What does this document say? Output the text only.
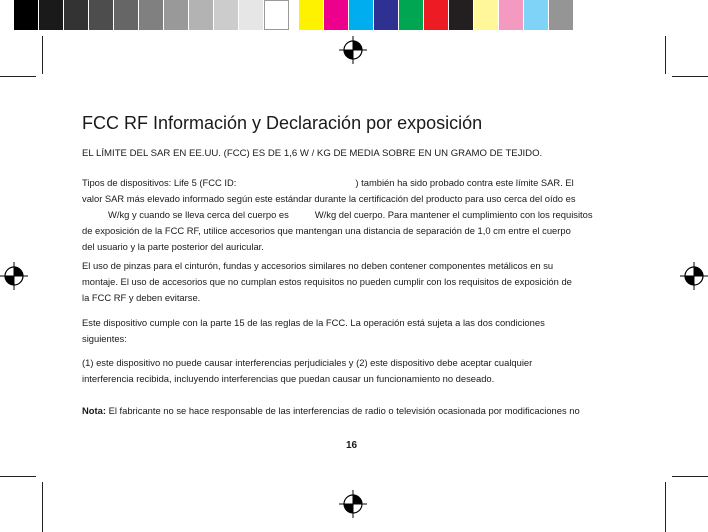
FCC RF Información y Declaración por exposición
EL LÍMITE DEL SAR EN EE.UU. (FCC) ES DE 1,6 W / KG DE MEDIA SOBRE EN UN GRAMO DE TEJIDO.
Tipos de dispositivos: Life 5 (FCC ID:	) también ha sido probado contra este límite SAR. El
valor SAR más elevado informado según este estándar durante la certificación del producto para uso cerca del oído es
W/kg y cuando se lleva cerca del cuerpo es	W/kg del cuerpo. Para mantener el cumplimiento con los requisitos
de exposición de la FCC RF, utilice accesorios que mantengan una distancia de separación de 1,0 cm entre el cuerpo
del usuario y la parte posterior del auricular.
El uso de pinzas para el cinturón, fundas y accesorios similares no deben contener componentes metálicos en su
montaje. El uso de accesorios que no cumplan estos requisitos no pueden cumplir con los requisitos de exposición de
la FCC RF y deben evitarse.
Este dispositivo cumple con la parte 15 de las reglas de la FCC. La operación está sujeta a las dos condiciones
siguientes:
(1) este dispositivo no puede causar interferencias perjudiciales y (2) este dispositivo debe aceptar cualquier
interferencia recibida, incluyendo interferencias que puedan causar un funcionamiento no deseado.
Nota: El fabricante no se hace responsable de las interferencias de radio o televisión ocasionada por modificaciones no
16
